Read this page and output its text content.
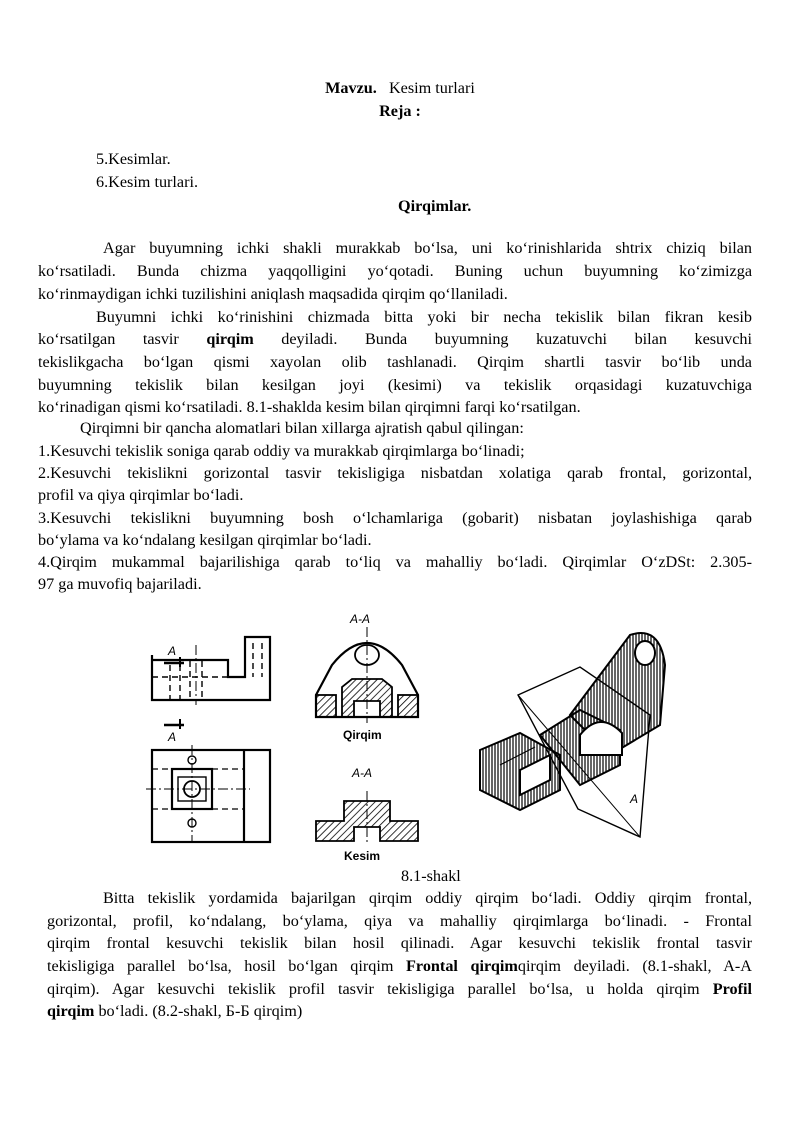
Mavzu. Kesim turlari
Reja :
5.Kesimlar.
6.Kesim turlari.
Qirqimlar.
Agar buyumning ichki shakli murakkab bo‘lsa, uni ko‘rinishlarida shtrix chiziq bilan
ko‘rsatiladi. Bunda chizma yaqqolligini yo‘qotadi. Buning uchun buyumning ko‘zimizga
ko‘rinmaydigan ichki tuzilishini aniqlash maqsadida qirqim qo‘llaniladi.
Buyumni ichki ko‘rinishini chizmada bitta yoki bir necha tekislik bilan fikran kesib
ko‘rsatilgan tasvir qirqim deyiladi. Bunda buyumning kuzatuvchi bilan kesuvchi
tekislikgacha bo‘lgan qismi xayolan olib tashlanadi. Qirqim shartli tasvir bo‘lib unda
buyumning tekislik bilan kesilgan joyi (kesimi) va tekislik orqasidagi kuzatuvchiga
ko‘rinadigan qismi ko‘rsatiladi. 8.1-shaklda kesim bilan qirqimni farqi ko‘rsatilgan.
Qirqimni bir qancha alomatlari bilan xillarga ajratish qabul qilingan:
1.Kesuvchi tekislik soniga qarab oddiy va murakkab qirqimlarga bo‘linadi;
2.Kesuvchi tekislikni gorizontal tasvir tekisligiga nisbatdan xolatiga qarab frontal, gorizontal,
profil va qiya qirqimlar bo‘ladi.
3.Kesuvchi tekislikni buyumning bosh o‘lchamlariga (gobarit) nisbatan joylashishiga qarab
bo‘ylama va ko‘ndalang kesilgan qirqimlar bo‘ladi.
4.Qirqim mukammal bajarilishiga qarab to‘liq va mahalliy bo‘ladi. Qirqimlar O‘zDSt: 2.305-
97 ga muvofiq bajariladi.
A
A
A-A
Qirqim
A-A
Kesim
A
8.1-shakl
Bitta tekislik yordamida bajarilgan qirqim oddiy qirqim bo‘ladi. Oddiy qirqim frontal,
gorizontal, profil, ko‘ndalang, bo‘ylama, qiya va mahalliy qirqimlarga bo‘linadi. - Frontal
qirqim frontal kesuvchi tekislik bilan hosil qilinadi. Agar kesuvchi tekislik frontal tasvir
tekisligiga parallel bo‘lsa, hosil bo‘lgan qirqim Frontal qirqimqirqim deyiladi. (8.1-shakl, A-A
qirqim). Agar kesuvchi tekislik profil tasvir tekisligiga parallel bo‘lsa, u holda qirqim Profil
qirqim bo‘ladi. (8.2-shakl, Б-Б qirqim)
